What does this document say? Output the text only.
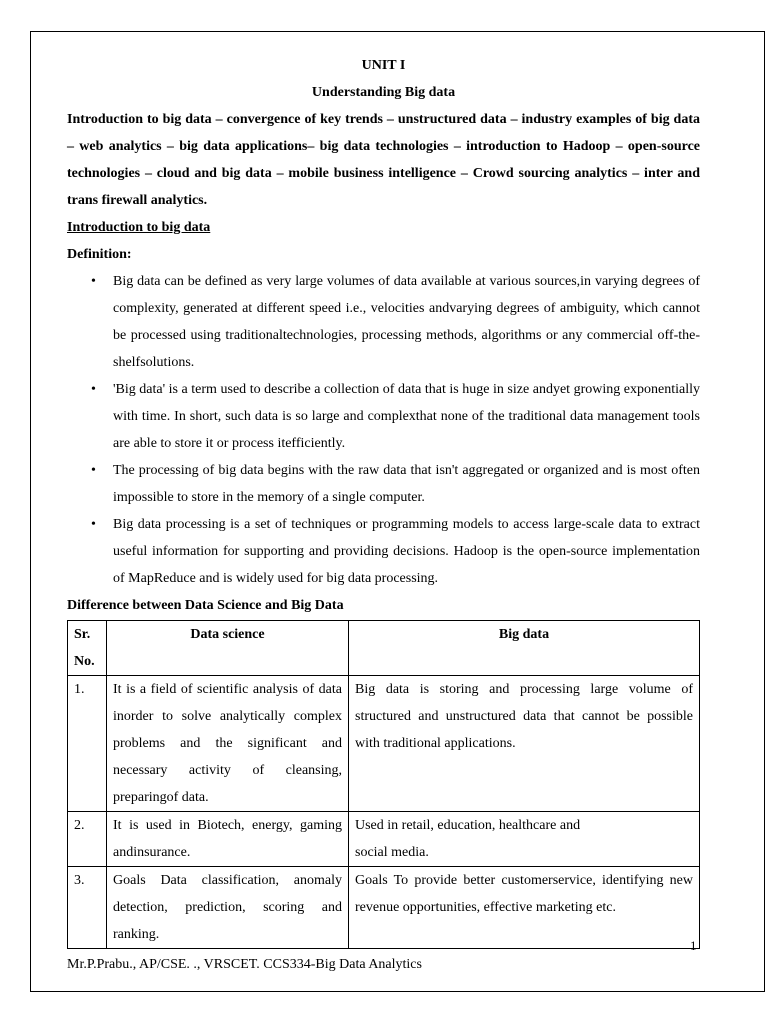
UNIT I
Understanding Big data
Introduction to big data – convergence of key trends – unstructured data – industry examples of big data – web analytics – big data applications– big data technologies – introduction to Hadoop – open-source technologies – cloud and big data – mobile business intelligence – Crowd sourcing analytics – inter and trans firewall analytics.
Introduction to big data
Definition:
• Big data can be defined as very large volumes of data available at various sources,in varying degrees of complexity, generated at different speed i.e., velocities andvarying degrees of ambiguity, which cannot be processed using traditionaltechnologies, processing methods, algorithms or any commercial off-the-shelfsolutions.
• 'Big data' is a term used to describe a collection of data that is huge in size andyet growing exponentially with time. In short, such data is so large and complexthat none of the traditional data management tools are able to store it or process itefficiently.
• The processing of big data begins with the raw data that isn't aggregated or organized and is most often impossible to store in the memory of a single computer.
• Big data processing is a set of techniques or programming models to access large-scale data to extract useful information for supporting and providing decisions. Hadoop is the open-source implementation of MapReduce and is widely used for big data processing.
Difference between Data Science and Big Data
Sr. No.	Data science	Big data
1.	It is a field of scientific analysis of data inorder to solve analytically complex problems and the significant and necessary activity of cleansing, preparingof data.	Big data is storing and processing large volume of structured and unstructured data that cannot be possible with traditional applications.
2.	It is used in Biotech, energy, gaming andinsurance.	Used in retail, education, healthcare and
social media.
3.	Goals Data classification, anomaly detection, prediction, scoring and ranking.	Goals To provide better customerservice, identifying new revenue opportunities, effective marketing etc.
1
Mr.P.Prabu., AP/CSE. ., VRSCET. CCS334-Big Data Analytics
